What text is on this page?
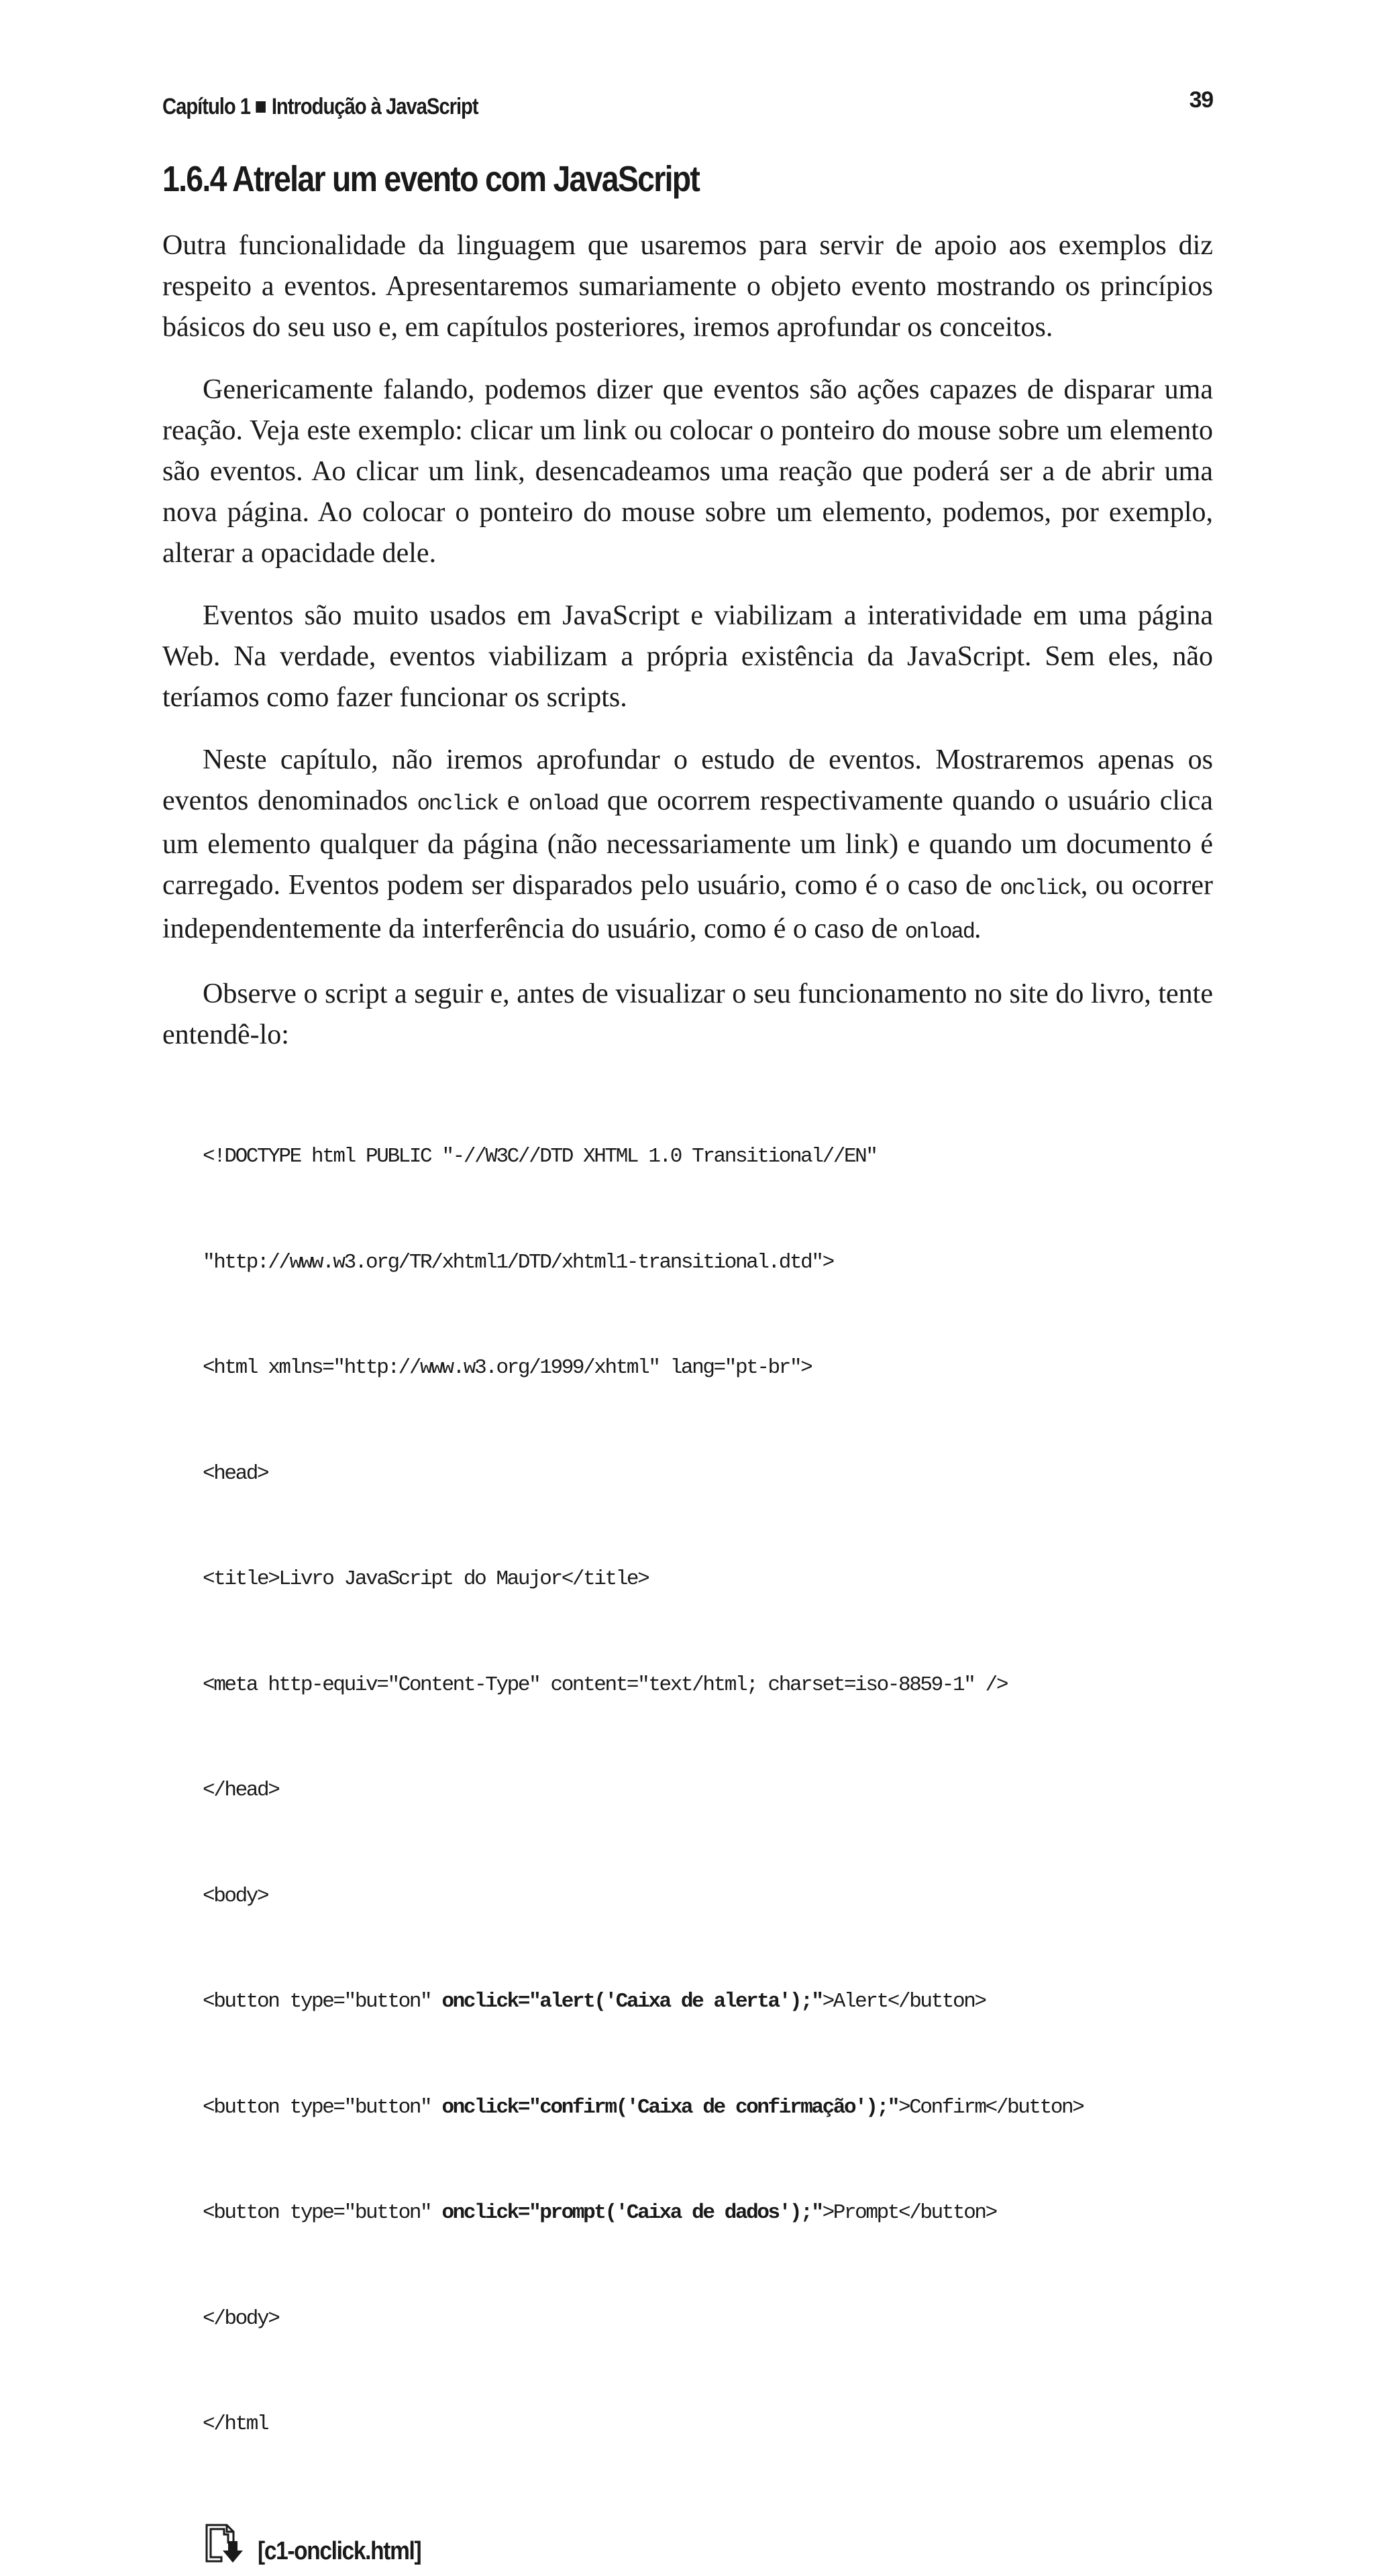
Capítulo 1 Introdução à JavaScript	39
1.6.4 Atrelar um evento com JavaScript

Outra funcionalidade da linguagem que usaremos para servir de apoio aos exemplos diz respeito a eventos. Apresentaremos sumariamente o objeto evento mostrando os princípios básicos do seu uso e, em capítulos posteriores, iremos aprofundar os conceitos.

Genericamente falando, podemos dizer que eventos são ações capazes de disparar uma reação. Veja este exemplo: clicar um link ou colocar o ponteiro do mouse sobre um elemento são eventos. Ao clicar um link, desencadeamos uma reação que poderá ser a de abrir uma nova página. Ao colocar o ponteiro do mouse sobre um elemento, podemos, por exemplo, alterar a opacidade dele.

Eventos são muito usados em JavaScript e viabilizam a interatividade em uma página Web. Na verdade, eventos viabilizam a própria existência da JavaScript. Sem eles, não teríamos como fazer funcionar os scripts.

Neste capítulo, não iremos aprofundar o estudo de eventos. Mostraremos apenas os eventos denominados onclick e onload que ocorrem respectivamente quando o usuário clica um elemento qualquer da página (não necessariamente um link) e quando um documento é carregado. Eventos podem ser disparados pelo usuário, como é o caso de onclick, ou ocorrer independentemente da interferência do usuário, como é o caso de onload.

Observe o script a seguir e, antes de visualizar o seu funcionamento no site do livro, tente entendê-lo:

<!DOCTYPE html PUBLIC "-//W3C//DTD XHTML 1.0 Transitional//EN"

"http://www.w3.org/TR/xhtml1/DTD/xhtml1-transitional.dtd">

<html xmlns="http://www.w3.org/1999/xhtml" lang="pt-br">

<head>

<title>Livro JavaScript do Maujor</title>

<meta http-equiv="Content-Type" content="text/html; charset=iso-8859-1" />

</head>

<body>

<button type="button" onclick="alert('Caixa de alerta');">Alert</button>

<button type="button" onclick="confirm('Caixa de confirmação');">Confirm</button>

<button type="button" onclick="prompt('Caixa de dados');">Prompt</button>

</body>

</html

[c1-onclick.html]
